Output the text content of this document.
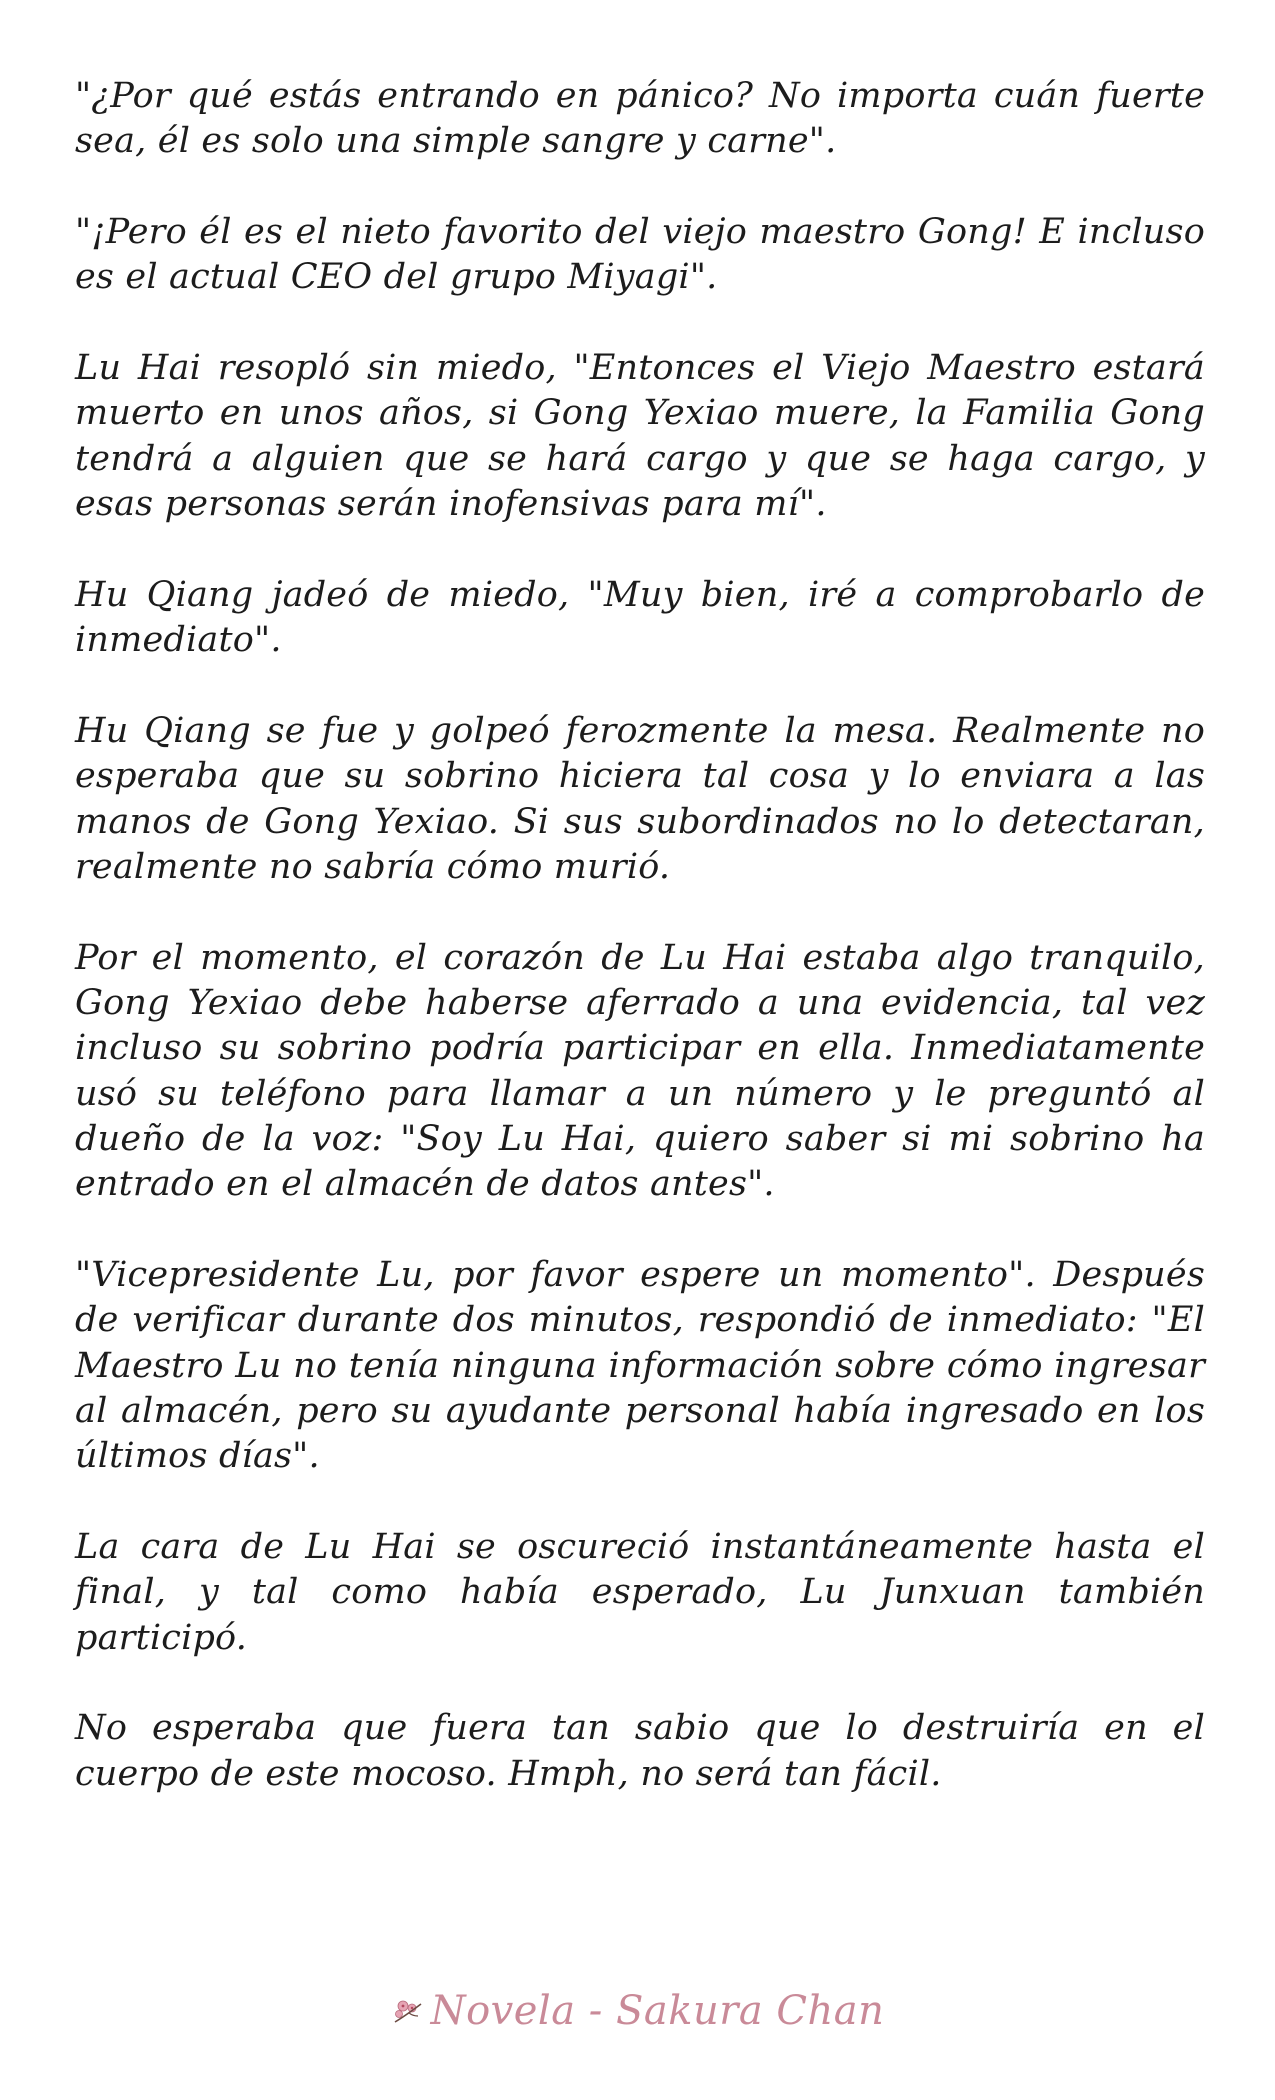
"¿Por qué estás entrando en pánico? No importa cuán fuerte sea, él es solo una simple sangre y carne".

"¡Pero él es el nieto favorito del viejo maestro Gong! E incluso es el actual CEO del grupo Miyagi".

Lu Hai resopló sin miedo, "Entonces el Viejo Maestro estará muerto en unos años, si Gong Yexiao muere, la Familia Gong tendrá a alguien que se hará cargo y que se haga cargo, y esas personas serán inofensivas para mí".

Hu Qiang jadeó de miedo, "Muy bien, iré a comprobarlo de inmediato".

Hu Qiang se fue y golpeó ferozmente la mesa. Realmente no esperaba que su sobrino hiciera tal cosa y lo enviara a las manos de Gong Yexiao. Si sus subordinados no lo detectaran, realmente no sabría cómo murió.

Por el momento, el corazón de Lu Hai estaba algo tranquilo, Gong Yexiao debe haberse aferrado a una evidencia, tal vez incluso su sobrino podría participar en ella. Inmediatamente usó su teléfono para llamar a un número y le preguntó al dueño de la voz: "Soy Lu Hai, quiero saber si mi sobrino ha entrado en el almacén de datos antes".

"Vicepresidente Lu, por favor espere un momento". Después de verificar durante dos minutos, respondió de inmediato: "El Maestro Lu no tenía ninguna información sobre cómo ingresar al almacén, pero su ayudante personal había ingresado en los últimos días".

La cara de Lu Hai se oscureció instantáneamente hasta el final, y tal como había esperado, Lu Junxuan también participó.

No esperaba que fuera tan sabio que lo destruiría en el cuerpo de este mocoso. Hmph, no será tan fácil.

Novela - Sakura Chan
